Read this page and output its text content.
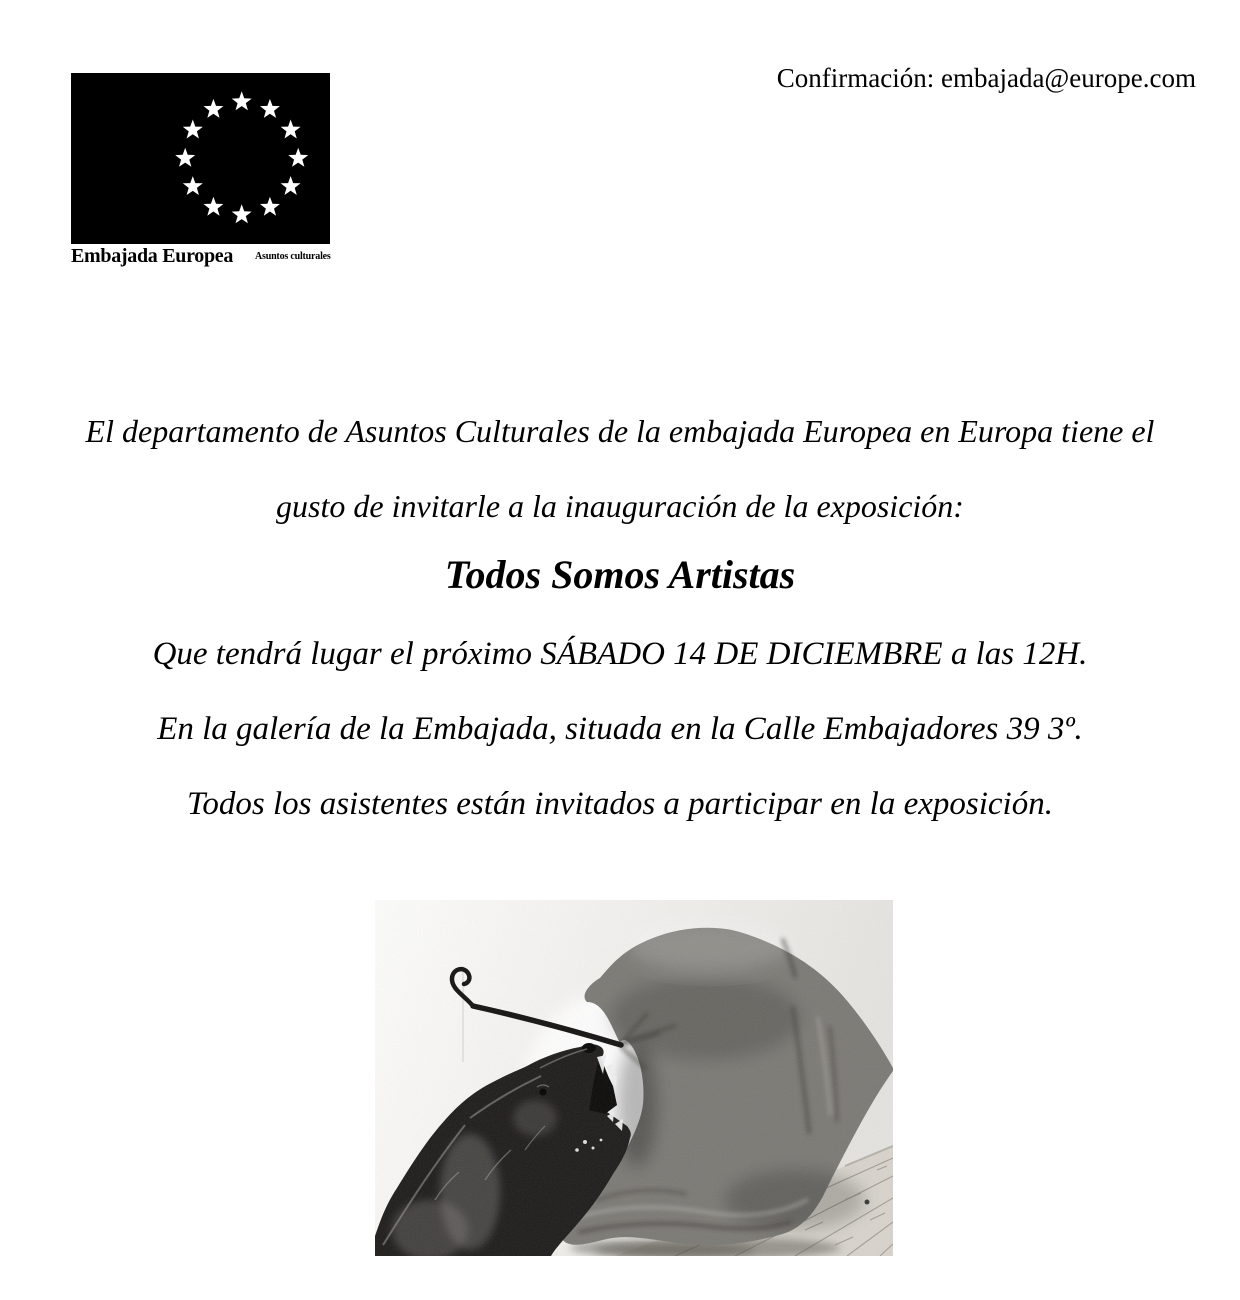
Confirmación: embajada@europe.com
Embajada Europea Asuntos culturales
El departamento de Asuntos Culturales de la embajada Europea en Europa tiene el
gusto de invitarle a la inauguración de la exposición:
Todos Somos Artistas
Que tendrá lugar el próximo SÁBADO 14 DE DICIEMBRE a las 12H.
En la galería de la Embajada, situada en la Calle Embajadores 39 3º.
Todos los asistentes están invitados a participar en la exposición.
